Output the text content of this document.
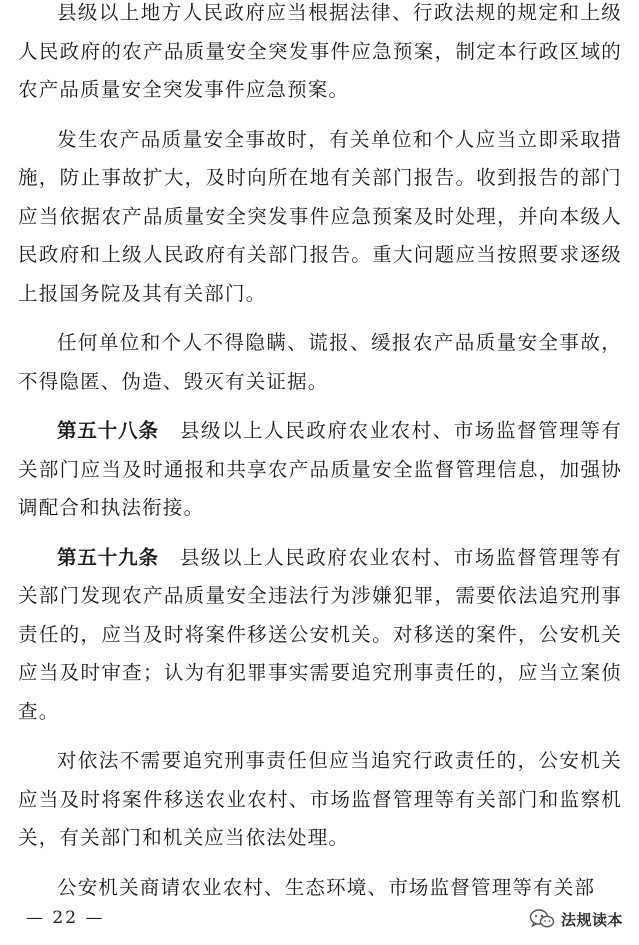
县级以上地方人民政府应当根据法律、行政法规的规定和上级人民政府的农产品质量安全突发事件应急预案，制定本行政区域的农产品质量安全突发事件应急预案。

发生农产品质量安全事故时，有关单位和个人应当立即采取措施，防止事故扩大，及时向所在地有关部门报告。收到报告的部门应当依据农产品质量安全突发事件应急预案及时处理，并向本级人民政府和上级人民政府有关部门报告。重大问题应当按照要求逐级上报国务院及其有关部门。

任何单位和个人不得隐瞒、谎报、缓报农产品质量安全事故，不得隐匿、伪造、毁灭有关证据。

第五十八条　县级以上人民政府农业农村、市场监督管理等有关部门应当及时通报和共享农产品质量安全监督管理信息，加强协调配合和执法衔接。

第五十九条　县级以上人民政府农业农村、市场监督管理等有关部门发现农产品质量安全违法行为涉嫌犯罪，需要依法追究刑事责任的，应当及时将案件移送公安机关。对移送的案件，公安机关应当及时审查；认为有犯罪事实需要追究刑事责任的，应当立案侦查。

对依法不需要追究刑事责任但应当追究行政责任的，公安机关应当及时将案件移送农业农村、市场监督管理等有关部门和监察机关，有关部门和机关应当依法处理。

公安机关商请农业农村、生态环境、市场监督管理等有关部

— 22 —	法规读本
